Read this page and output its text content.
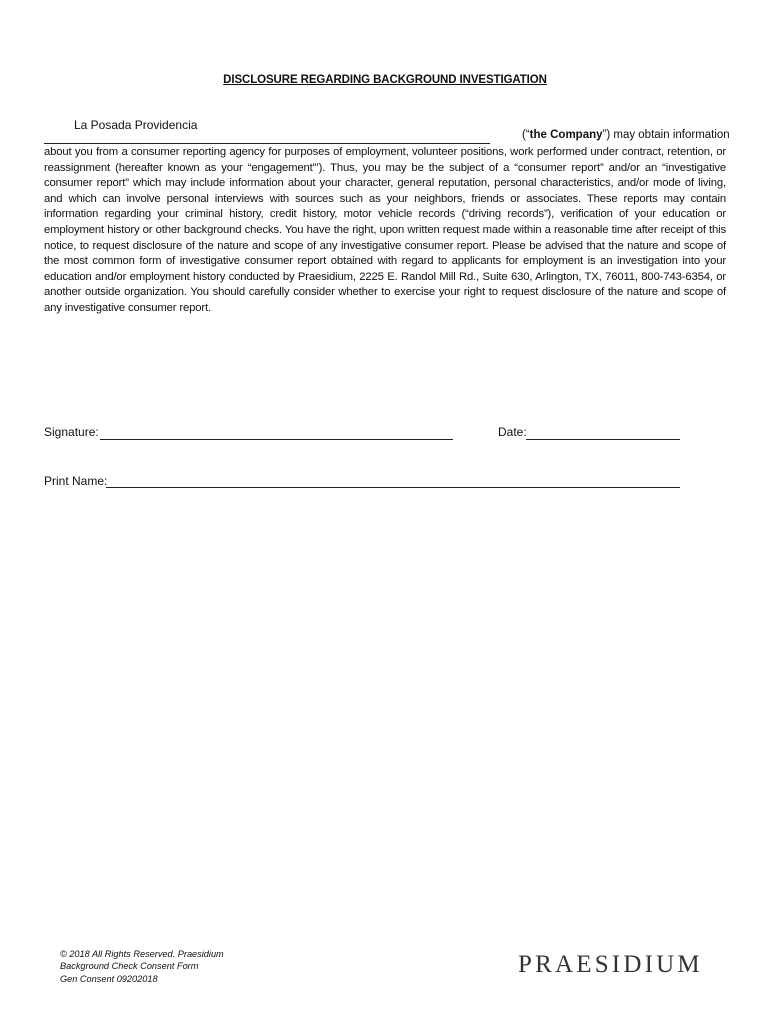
DISCLOSURE REGARDING BACKGROUND INVESTIGATION
La Posada Providencia
(“the Company”) may obtain information
about you from a consumer reporting agency for purposes of employment, volunteer positions, work performed under contract, retention, or reassignment (hereafter known as your “engagement”’). Thus, you may be the subject of a “consumer report” and/or an “investigative consumer report” which may include information about your character, general reputation, personal characteristics, and/or mode of living, and which can involve personal interviews with sources such as your neighbors, friends or associates. These reports may contain information regarding your criminal history, credit history, motor vehicle records (“driving records”), verification of your education or employment history or other background checks. You have the right, upon written request made within a reasonable time after receipt of this notice, to request disclosure of the nature and scope of any investigative consumer report. Please be advised that the nature and scope of the most common form of investigative consumer report obtained with regard to applicants for employment is an investigation into your education and/or employment history conducted by Praesidium, 2225 E. Randol Mill Rd., Suite 630, Arlington, TX, 76011, 800-743-6354, or another outside organization. You should carefully consider whether to exercise your right to request disclosure of the nature and scope of any investigative consumer report.
Signature:	Date:
Print Name:
© 2018 All Rights Reserved. Praesidium
Background Check Consent Form
Gen Consent 09202018
PRAESIDIUM
